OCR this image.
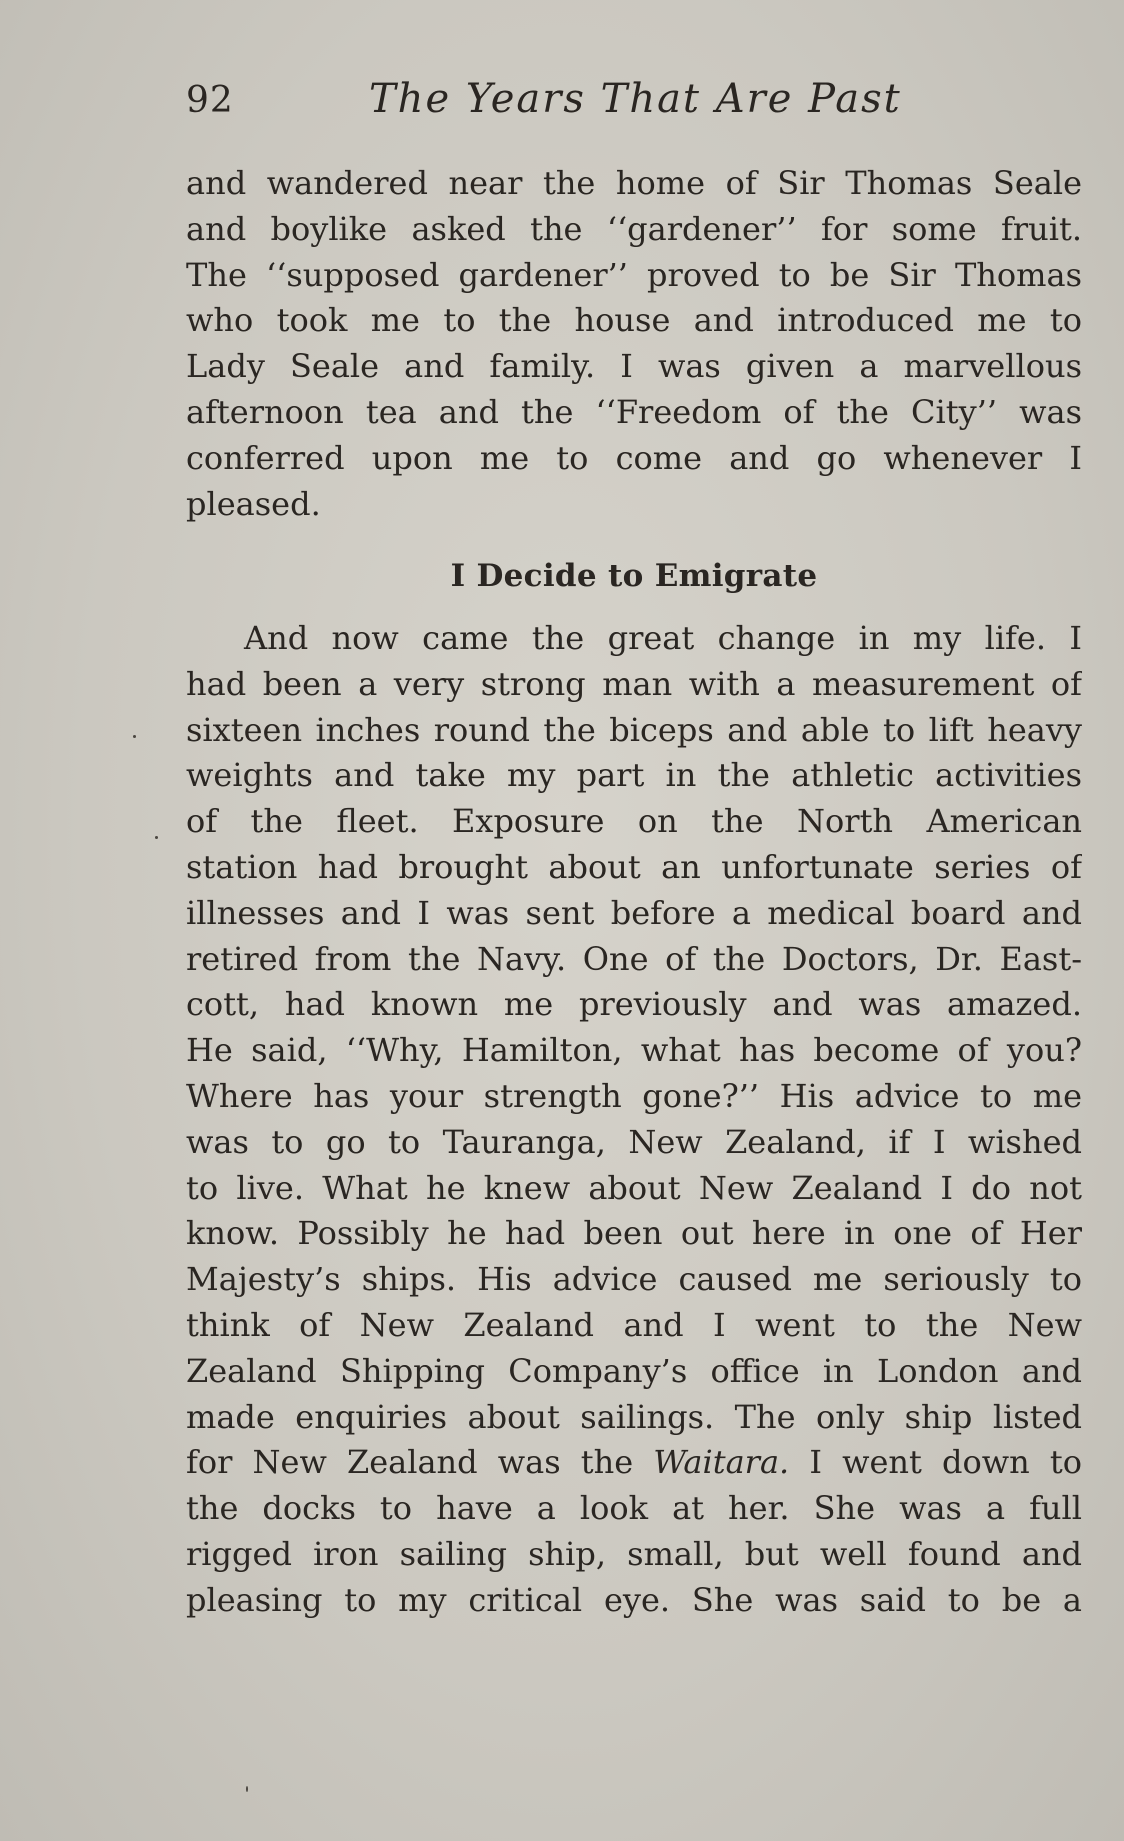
92	The Years That Are Past
and wandered near the home of Sir Thomas Seale
and boylike asked the ‘‘gardener’’ for some fruit.
The ‘‘supposed gardener’’ proved to be Sir Thomas
who took me to the house and introduced me to
Lady Seale and family. I was given a marvellous
afternoon tea and the ‘‘Freedom of the City’’ was
conferred upon me to come and go whenever I
pleased.
I Decide to Emigrate
And now came the great change in my life. I
had been a very strong man with a measurement of
sixteen inches round the biceps and able to lift heavy
weights and take my part in the athletic activities
of the fleet. Exposure on the North American
station had brought about an unfortunate series of
illnesses and I was sent before a medical board and
retired from the Navy. One of the Doctors, Dr. East-
cott, had known me previously and was amazed.
He said, ‘‘Why, Hamilton, what has become of you?
Where has your strength gone?’’ His advice to me
was to go to Tauranga, New Zealand, if I wished
to live. What he knew about New Zealand I do not
know. Possibly he had been out here in one of Her
Majesty’s ships. His advice caused me seriously to
think of New Zealand and I went to the New
Zealand Shipping Company’s office in London and
made enquiries about sailings. The only ship listed
for New Zealand was the Waitara. I went down to
the docks to have a look at her. She was a full
rigged iron sailing ship, small, but well found and
pleasing to my critical eye. She was said to be a
